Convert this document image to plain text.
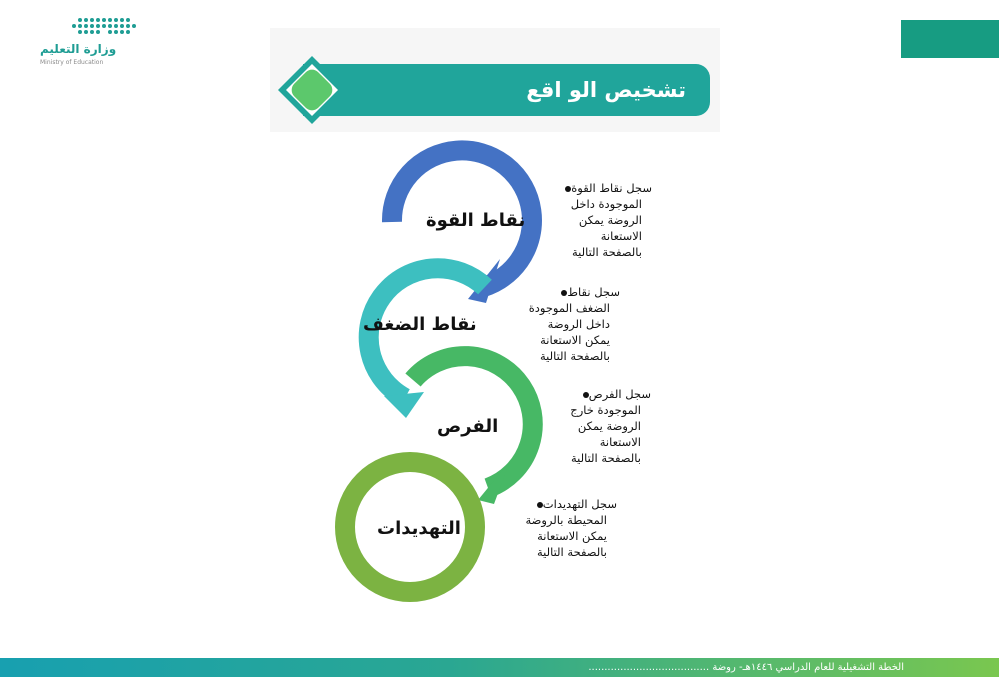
وزارة التعليم
Ministry of Education
تشخيص الو اقع
نقاط القوة
نقاط الضغف
الفرص
التهديدات
سجل نقاط القوة
الموجودة داخل
الروضة يمكن
الاستعانة
بالصفحة التالية
سجل نقاط
الضغف الموجودة
داخل الروضة
يمكن الاستعانة
بالصفحة التالية
سجل الفرص
الموجودة خارج
الروضة يمكن
الاستعانة
بالصفحة التالية
سجل التهديدات
المحيطة بالروضة
يمكن الاستعانة
بالصفحة التالية
الخطة التشغيلية للعام الدراسي ١٤٤٦هـ- روضة ......................................
